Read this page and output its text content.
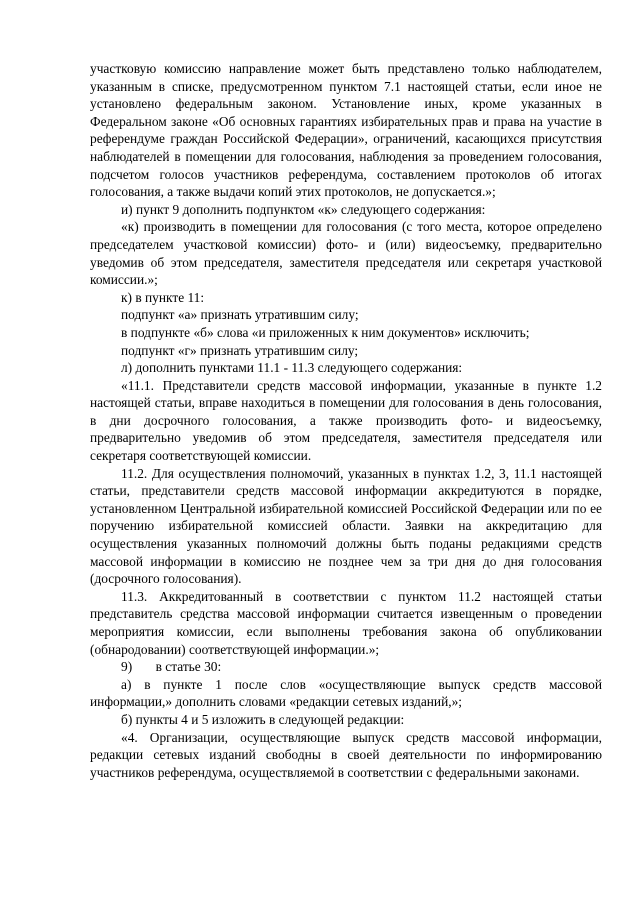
участковую комиссию направление может быть представлено только наблюдателем, указанным в списке, предусмотренном пунктом 7.1 настоящей статьи, если иное не установлено федеральным законом. Установление иных, кроме указанных в Федеральном законе «Об основных гарантиях избирательных прав и права на участие в референдуме граждан Российской Федерации», ограничений, касающихся присутствия наблюдателей в помещении для голосования, наблюдения за проведением голосования, подсчетом голосов участников референдума, составлением протоколов об итогах голосования, а также выдачи копий этих протоколов, не допускается.»;

и) пункт 9 дополнить подпунктом «к» следующего содержания:

«к) производить в помещении для голосования (с того места, которое определено председателем участковой комиссии) фото- и (или) видеосъемку, предварительно уведомив об этом председателя, заместителя председателя или секретаря участковой комиссии.»;

к) в пункте 11:

подпункт «а» признать утратившим силу;

в подпункте «б» слова «и приложенных к ним документов» исключить;

подпункт «г» признать утратившим силу;

л) дополнить пунктами 11.1 - 11.3 следующего содержания:

«11.1. Представители средств массовой информации, указанные в пункте 1.2 настоящей статьи, вправе находиться в помещении для голосования в день голосования, в дни досрочного голосования, а также производить фото- и видеосъемку, предварительно уведомив об этом председателя, заместителя председателя или секретаря соответствующей комиссии.

11.2. Для осуществления полномочий, указанных в пунктах 1.2, 3, 11.1 настоящей статьи, представители средств массовой информации аккредитуются в порядке, установленном Центральной избирательной комиссией Российской Федерации или по ее поручению избирательной комиссией области. Заявки на аккредитацию для осуществления указанных полномочий должны быть поданы редакциями средств массовой информации в комиссию не позднее чем за три дня до дня голосования (досрочного голосования).

11.3. Аккредитованный в соответствии с пунктом 11.2 настоящей статьи представитель средства массовой информации считается извещенным о проведении мероприятия комиссии, если выполнены требования закона об опубликовании (обнародовании) соответствующей информации.»;

9)       в статье 30:

а) в пункте 1 после слов «осуществляющие выпуск средств массовой информации,» дополнить словами «редакции сетевых изданий,»;

б) пункты 4 и 5 изложить в следующей редакции:

«4. Организации, осуществляющие выпуск средств массовой информации, редакции сетевых изданий свободны в своей деятельности по информированию участников референдума, осуществляемой в соответствии с федеральными законами.
